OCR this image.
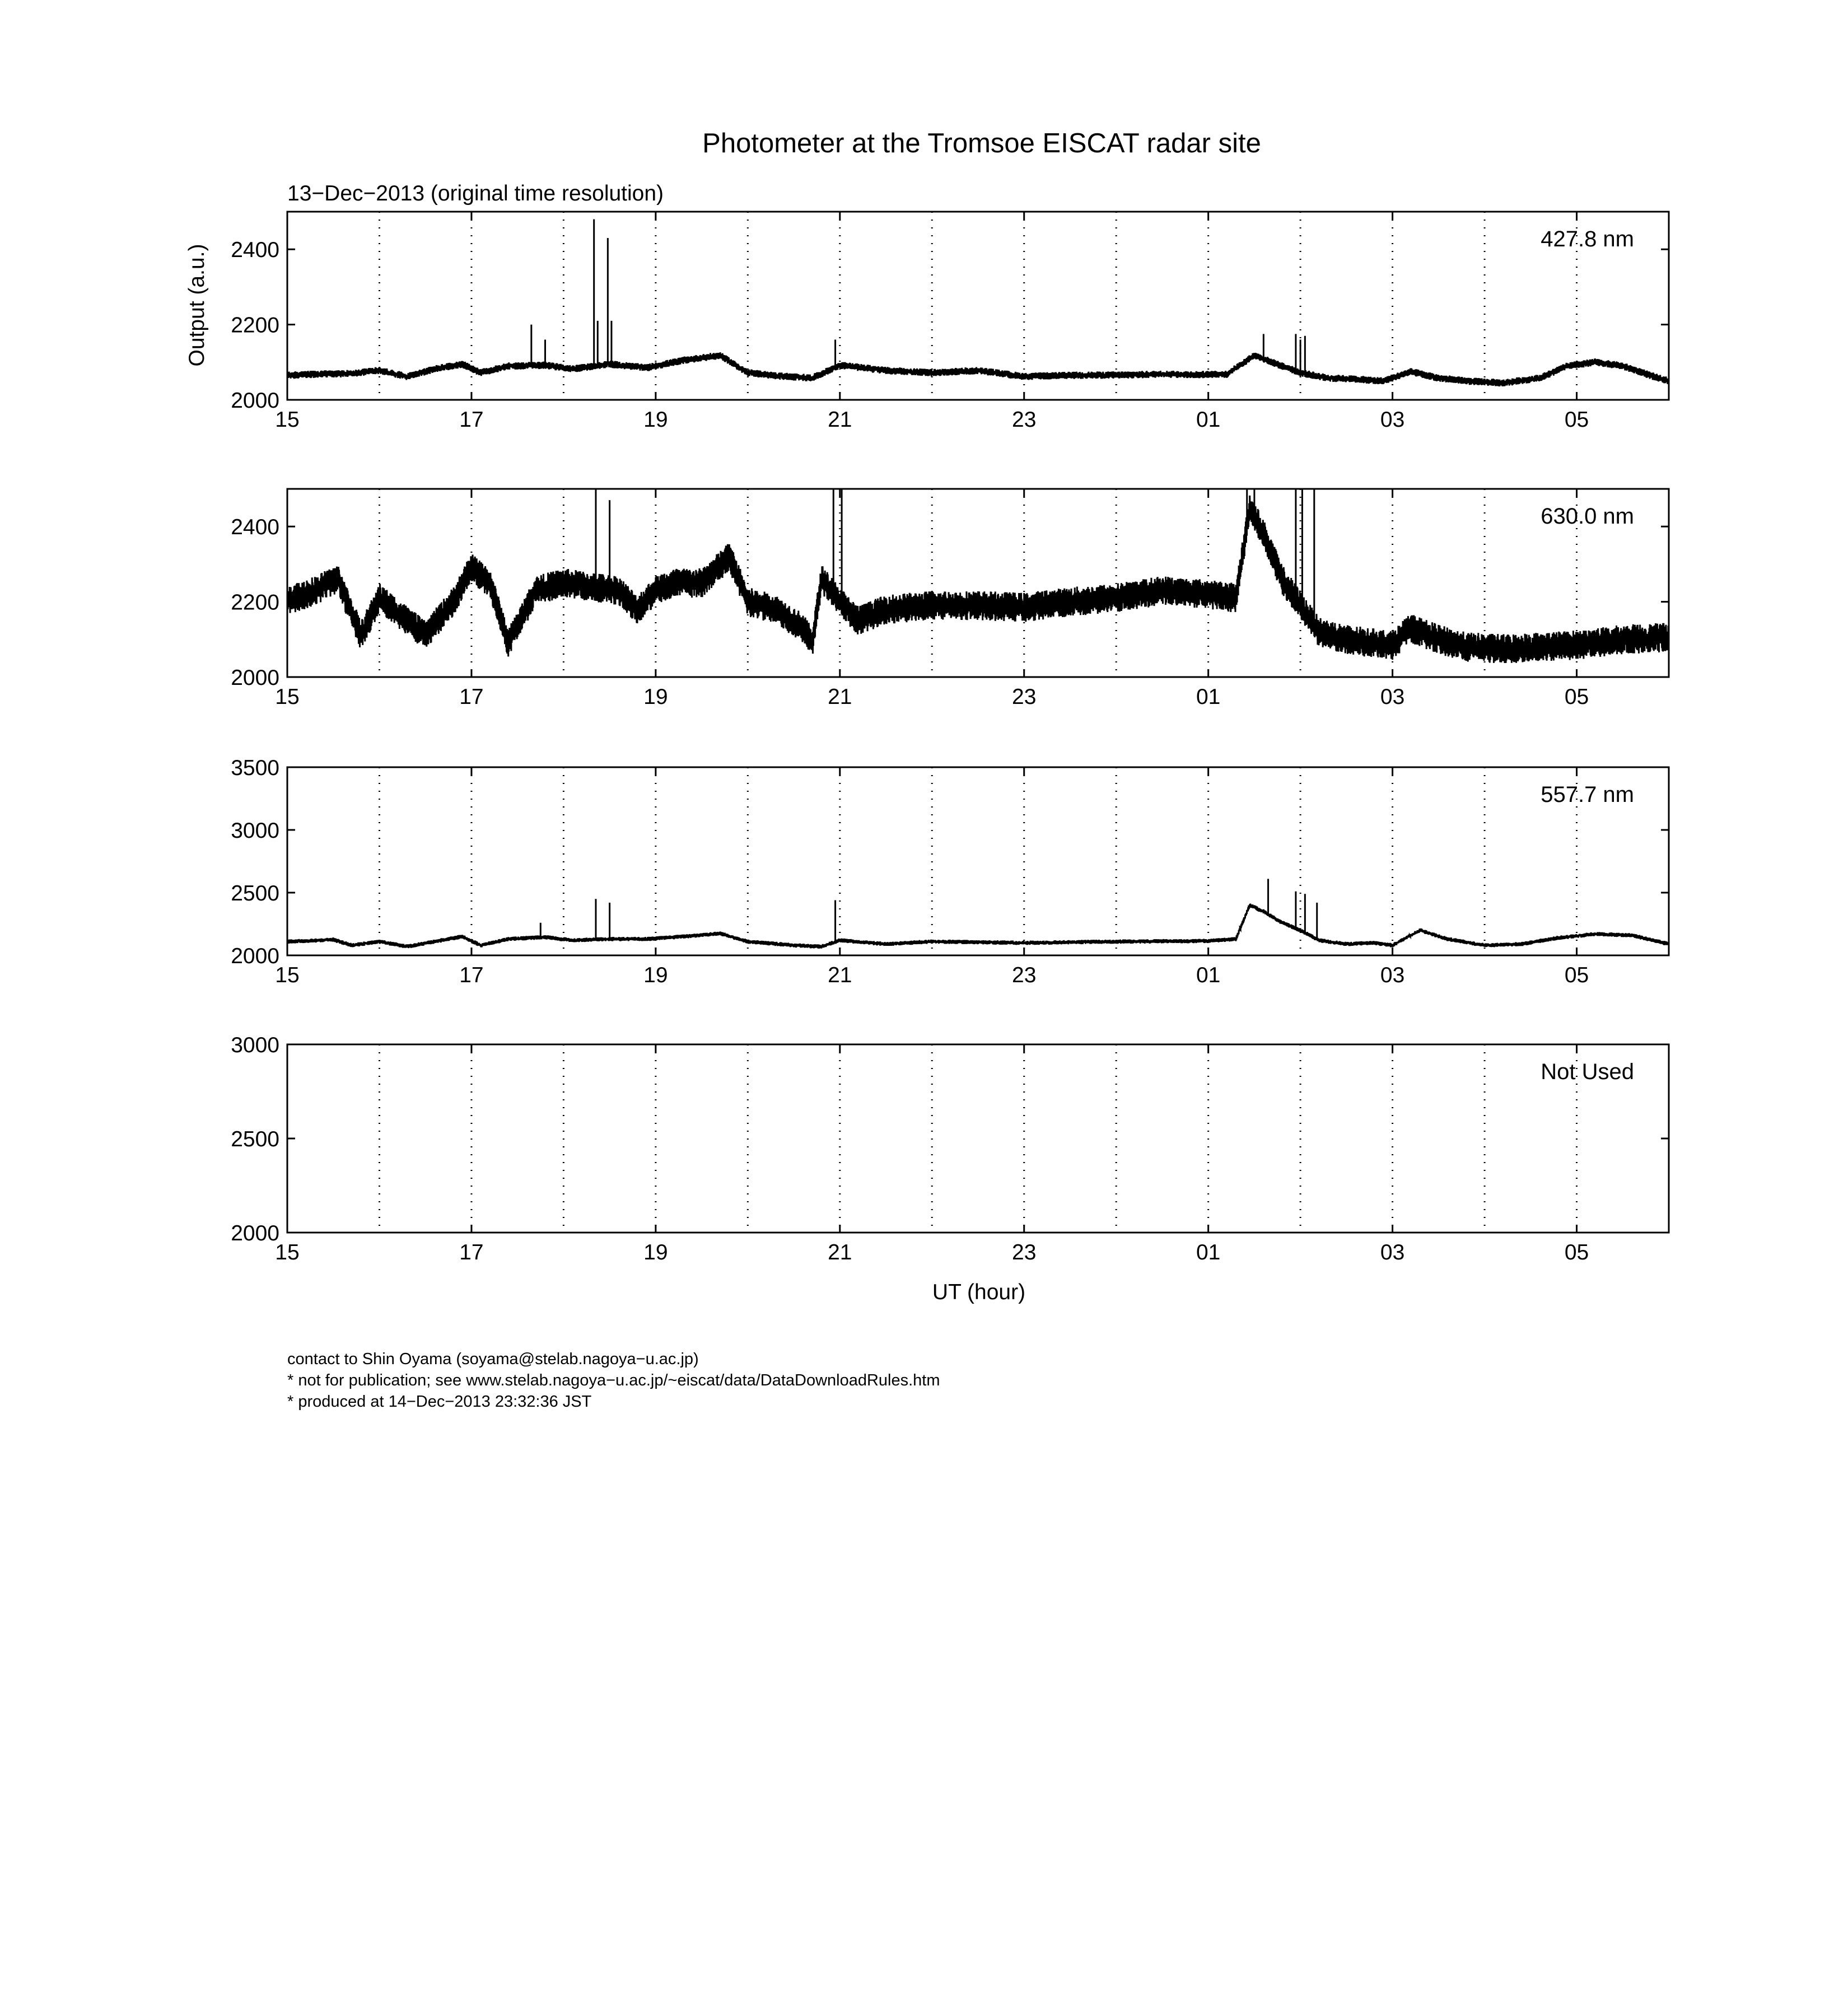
Photometer at the Tromsoe EISCAT radar site
13−Dec−2013 (original time resolution)
Output (a.u.)
UT (hour)
15	17	19	21	23	01	03	05
2000
2200
2400	427.8 nm
15	17	19	21	23	01	03	05
2000
2200
2400	630.0 nm
15	17	19	21	23	01	03	05
2000
2500
3000
3500
557.7 nm
15	17	19	21	23	01	03	05
2000
2500
3000
Not Used
contact to Shin Oyama (soyama@stelab.nagoya−u.ac.jp)
* not for publication; see www.stelab.nagoya−u.ac.jp/~eiscat/data/DataDownloadRules.htm
* produced at 14−Dec−2013 23:32:36 JST
